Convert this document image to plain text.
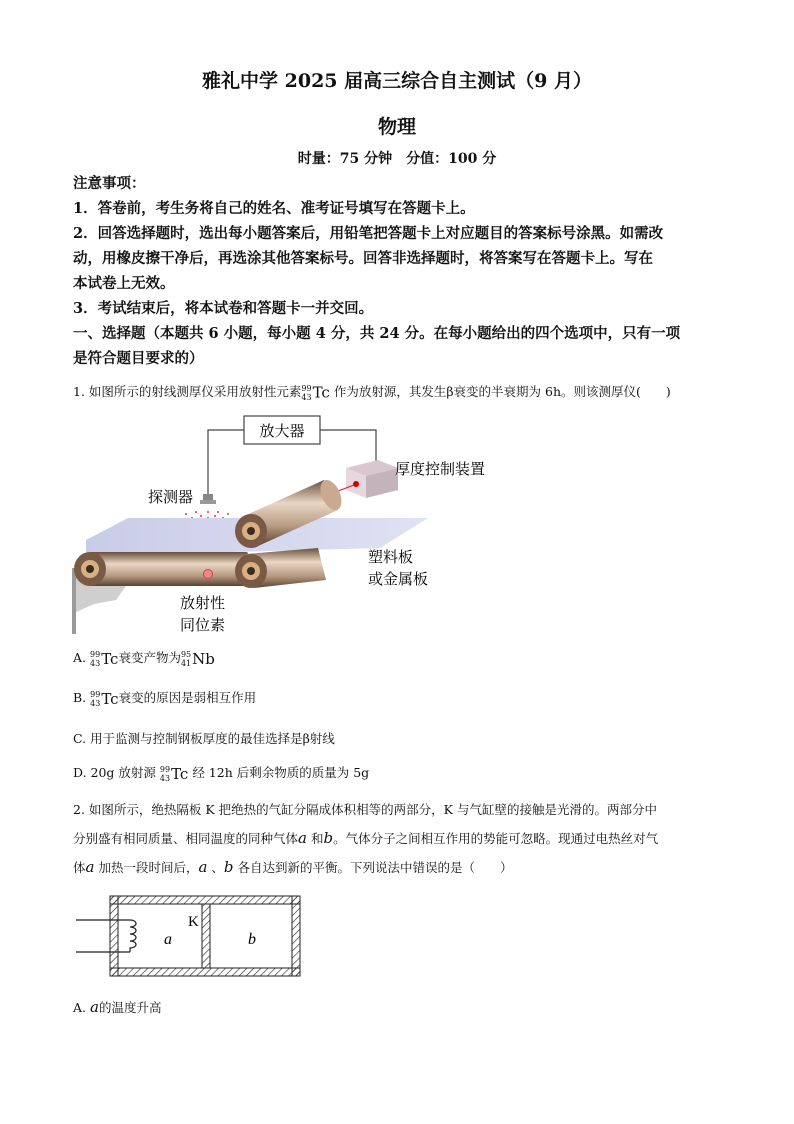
雅礼中学 2025 届高三综合自主测试（9 月）
物理
时量：75 分钟　分值：100 分
注意事项：
1．答卷前，考生务将自己的姓名、准考证号填写在答题卡上。
2．回答选择题时，选出每小题答案后，用铅笔把答题卡上对应题目的答案标号涂黑。如需改
动，用橡皮擦干净后，再选涂其他答案标号。回答非选择题时，将答案写在答题卡上。写在
本试卷上无效。
3．考试结束后，将本试卷和答题卡一并交回。
一、选择题（本题共 6 小题，每小题 4 分，共 24 分。在每小题给出的四个选项中，只有一项
是符合题目要求的）
1. 如图所示的射线测厚仪采用放射性元素 99
43 Tc 作为放射源，其发生β衰变的半衰期为 6h。则该测厚仪(　　)
放大器
厚度控制装置
探测器
塑料板
或金属板
放射性
同位素
A. 99
43 Tc衰变产物为 95
41 Nb
B. 99
43 Tc衰变的原因是弱相互作用
C. 用于监测与控制钢板厚度的最佳选择是β射线
D. 20g 放射源 99
43 Tc 经 12h 后剩余物质的质量为 5g
2. 如图所示，绝热隔板 K 把绝热的气缸分隔成体积相等的两部分，K 与气缸壁的接触是光滑的。两部分中
分别盛有相同质量、相同温度的同种气体a 和b。气体分子之间相互作用的势能可忽略。现通过电热丝对气
体a 加热一段时间后，a 、b 各自达到新的平衡。下列说法中错误的是（　　）
K
a	b
A. a的温度升高
